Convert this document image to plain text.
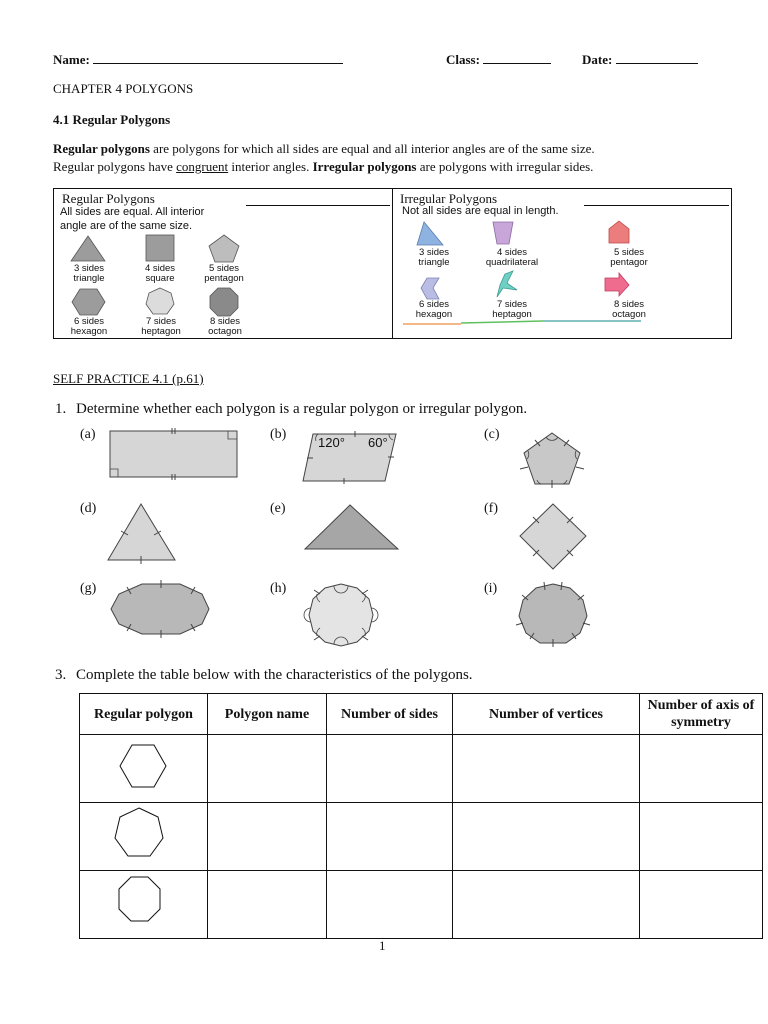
Name:	Class:	Date:
CHAPTER 4 POLYGONS
4.1 Regular Polygons
Regular polygons are polygons for which all sides are equal and all interior angles are of the same size.
Regular polygons have congruent interior angles. Irregular polygons are polygons with irregular sides.
Regular Polygons	Irregular Polygons
All sides are equal. All interior
angle are of the same size.
Not all sides are equal in length.
3 sides
triangle
4 sides
square
5 sides
pentagon
6 sides
hexagon
7 sides
heptagon
8 sides
octagon
3 sides
triangle
4 sides
quadrilateral
5 sides
pentagor
6 sides
hexagon
7 sides
heptagon
8 sides
octagon
SELF PRACTICE 4.1 (p.61)
1. Determine whether each polygon is a regular polygon or irregular polygon.
(a)	(b)	(c)
(d)	(e)	(f)
(g)	(h)	(i)
120° 60°
3. Complete the table below with the characteristics of the polygons.
Regular polygon	Polygon name	Number of sides	Number of vertices	Number of axis of symmetry

1
